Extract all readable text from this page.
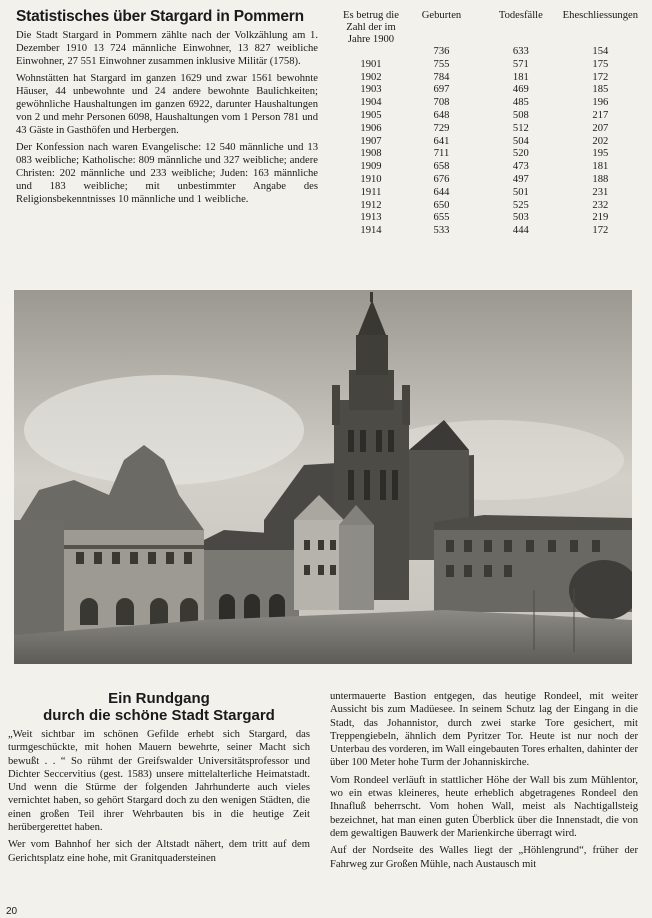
Statistisches über Stargard in Pommern

Die Stadt Stargard in Pommern zählte nach der Volkzählung am 1. Dezember 1910 13 724 männliche Einwohner, 13 827 weibliche Einwohner, 27 551 Einwohner zusammen inklusive Militär (1758).

Wohnstätten hat Stargard im ganzen 1629 und zwar 1561 bewohnte Häuser, 44 unbewohnte und 24 andere bewohnte Baulichkeiten; gewöhnliche Haushaltungen im ganzen 6922, darunter Haushaltungen von 2 und mehr Personen 6098, Haushaltungen vom 1 Person 781 und 43 Gäste in Gasthöfen und Herbergen.

Der Konfession nach waren Evangelische: 12 540 männliche und 13 083 weibliche; Katholische: 809 männliche und 327 weibliche; andere Christen: 202 männliche und 233 weibliche; Juden: 163 männliche und 183 weibliche; mit unbestimmter Angabe des Religionsbekenntnisses 10 männliche und 1 weibliche.

Es betrug die Zahl der im Jahre 1900	Geburten	Todesfälle	Eheschliessungen
	736	633	154
1901	755	571	175
1902	784	181	172
1903	697	469	185
1904	708	485	196
1905	648	508	217
1906	729	512	207
1907	641	504	202
1908	711	520	195
1909	658	473	181
1910	676	497	188
1911	644	501	231
1912	650	525	232
1913	655	503	219
1914	533	444	172
Ein Rundgang
durch die schöne Stadt Stargard

„Weit sichtbar im schönen Gefilde erhebt sich Stargard, das turmgeschückte, mit hohen Mauern bewehrte, seiner Macht sich bewußt . . “ So rühmt der Greifswalder Universitätsprofessor und Dichter Seccervitius (gest. 1583) unsere mittelalterliche Heimatstadt. Und wenn die Stürme der folgenden Jahrhunderte auch vieles vernichtet haben, so gehört Stargard doch zu den wenigen Städten, die einen großen Teil ihrer Wehrbauten bis in die heutige Zeit herübergerettet haben.

Wer vom Bahnhof her sich der Altstadt nähert, dem tritt auf dem Gerichtsplatz eine hohe, mit Granitquadersteinen

untermauerte Bastion entgegen, das heutige Rondeel, mit weiter Aussicht bis zum Madüesee. In seinem Schutz lag der Eingang in die Stadt, das Johannistor, durch zwei starke Tore gesichert, mit Treppengiebeln, ähnlich dem Pyritzer Tor. Heute ist nur noch der Unterbau des vorderen, im Wall eingebauten Tores erhalten, dahinter der über 100 Meter hohe Turm der Johanniskirche.

Vom Rondeel verläuft in stattlicher Höhe der Wall bis zum Mühlentor, wo ein etwas kleineres, heute erheblich abgetragenes Rondeel den Ihnafluß beherrscht. Vom hohen Wall, meist als Nachtigallsteig bezeichnet, hat man einen guten Überblick über die Innenstadt, die von dem gewaltigen Bauwerk der Marienkirche überragt wird.

Auf der Nordseite des Walles liegt der „Höhlengrund“, früher der Fahrweg zur Großen Mühle, nach Austausch mit

20
